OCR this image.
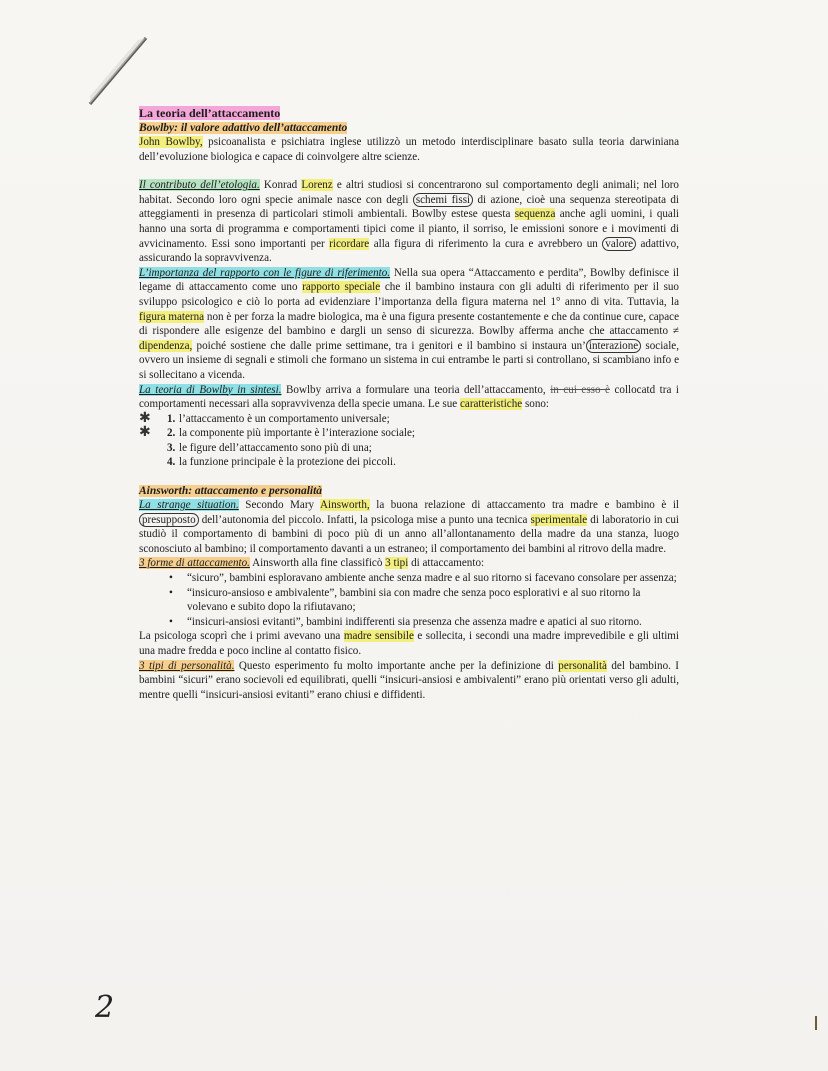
La teoria dell’attaccamento

Bowlby: il valore adattivo dell’attaccamento

John Bowlby, psicoanalista e psichiatra inglese utilizzò un metodo interdisciplinare basato sulla teoria darwiniana dell’evoluzione biologica e capace di coinvolgere altre scienze.

Il contributo dell’etologia. Konrad Lorenz e altri studiosi si concentrarono sul comportamento degli animali; nel loro habitat. Secondo loro ogni specie animale nasce con degli schemi fissi di azione, cioè una sequenza stereotipata di atteggiamenti in presenza di particolari stimoli ambientali. Bowlby estese questa sequenza anche agli uomini, i quali hanno una sorta di programma e comportamenti tipici come il pianto, il sorriso, le emissioni sonore e i movimenti di avvicinamento. Essi sono importanti per ricordare alla figura di riferimento la cura e avrebbero un valore adattivo, assicurando la sopravvivenza.

L’importanza del rapporto con le figure di riferimento. Nella sua opera “Attaccamento e perdita”, Bowlby definisce il legame di attaccamento come uno rapporto speciale che il bambino instaura con gli adulti di riferimento per il suo sviluppo psicologico e ciò lo porta ad evidenziare l’importanza della figura materna nel 1° anno di vita. Tuttavia, la figura materna non è per forza la madre biologica, ma è una figura presente costantemente e che da continue cure, capace di rispondere alle esigenze del bambino e dargli un senso di sicurezza. Bowlby afferma anche che attaccamento ≠ dipendenza, poiché sostiene che dalle prime settimane, tra i genitori e il bambino si instaura un’ interazione sociale, ovvero un insieme di segnali e stimoli che formano un sistema in cui entrambe le parti si controllano, si scambiano info e si sollecitano a vicenda.

La teoria di Bowlby in sintesi. Bowlby arriva a formulare una teoria dell’attaccamento, in cui esso è collocatd tra i comportamenti necessari alla sopravvivenza della specie umana. Le sue caratteristiche sono:

✱ 1. l’attaccamento è un comportamento universale;
✱ 2. la componente più importante è l’interazione sociale;
3. le figure dell’attaccamento sono più di una;
4. la funzione principale è la protezione dei piccoli.

Ainsworth: attaccamento e personalità

La strange situation. Secondo Mary Ainsworth, la buona relazione di attaccamento tra madre e bambino è il presupposto dell’autonomia del piccolo. Infatti, la psicologa mise a punto una tecnica sperimentale di laboratorio in cui studiò il comportamento di bambini di poco più di un anno all’allontanamento della madre da una stanza, luogo sconosciuto al bambino; il comportamento davanti a un estraneo; il comportamento dei bambini al ritrovo della madre.

3 forme di attaccamento. Ainsworth alla fine classificò 3 tipi di attaccamento:

• “sicuro”, bambini esploravano ambiente anche senza madre e al suo ritorno si facevano consolare per assenza;
• “insicuro-ansioso e ambivalente”, bambini sia con madre che senza poco esplorativi e al suo ritorno la volevano e subito dopo la rifiutavano;
• “insicuri-ansiosi evitanti”, bambini indifferenti sia presenza che assenza madre e apatici al suo ritorno.

La psicologa scoprì che i primi avevano una madre sensibile e sollecita, i secondi una madre imprevedibile e gli ultimi una madre fredda e poco incline al contatto fisico.

3 tipi di personalità. Questo esperimento fu molto importante anche per la definizione di personalità del bambino. I bambini “sicuri” erano socievoli ed equilibrati, quelli “insicuri-ansiosi e ambivalenti” erano più orientati verso gli adulti, mentre quelli “insicuri-ansiosi evitanti” erano chiusi e diffidenti.

2
